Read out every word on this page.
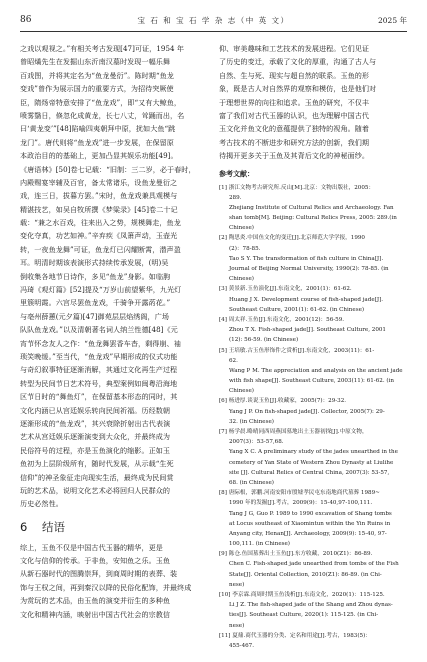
86	宝 石 和 宝 石 学 杂 志（中 英 文）	2025 年
之戏以观视之。”有相关考古发现[47]可证，1954 年
曾昭燏先生在发掘山东沂南汉墓时发现一幅乐舞
百戏图，并将其定名为“鱼龙曼衍”。陈时期“鱼龙
变戏”曾作为展示国力的重要方式，为招待突厥使
臣，隋炀帝特意安排了“鱼龙戏”，即“又有大鲸鱼，
喷雾翳日，倏忽化成黄龙，长七八丈，耸踊而出，名
曰‘黄龙变’”[48]陷喻四夷朝拜中原，扰如大鱼“跳
龙门”。唐代则将“鱼龙戏”进一步发展，在保留原
本政治目的的基础上，更加凸显其娱乐功能[49]。
《唐语林》[50]卷七记载：“旧制：三二岁，必于春时，
内殿赐宴宰辅及百官，备太常诸乐，设鱼龙曼衍之
戏，连三日，拔暮方罢。”宋时，鱼龙戏兼具观模与
精湛技艺，如吴自牧所撰《梦粱录》[45]卷二十记
载：“兼之水百戏，往来出入之势，规模舞走，鱼龙
变化夺真，功艺如神。”辛弃疾《凤箫声动，玉壶光
转，一夜鱼龙舞”可证，鱼龙灯已闪耀断霄，潜声盈
耳。明清时期该表演形式持续传承发展，(明)吴
倒收集各地节日诗作，多见“鱼龙”身影。如临朐
冯琦《观灯篇》[52]提及“万岁山前望紫华，九光灯
里簇明霞。六宫尽罢鱼龙戏，千骑争开露菂花。”
与亳州薛蕙(元夕篇)[47]御苑层层焰绣阁，广场
队队鱼龙戏。”以及清朝著名词人纳兰性德[48]《元
宵节怀念友人之作：“鱼龙舞罢香车杳，剩得崩、袖
琐笑晚缓。”至当代，“鱼龙戏”早期形成的仪式功能
与奇幻叙事特征逐渐消解，其通过文化再生产过程
转型为民间节日艺术符号，典型案例如闽粤沿海地
区节日时的“舞鱼灯”，在保留基本形态的同时，其
文化内涵已从宫廷娱乐转向民间祈福。历经数朝
逐渐形成的“鱼龙戏”，其兴衰除折射出古代表演
艺术从宫廷娱乐逐渐演变到大众化，并最终成为
民俗符号的过程，亦是玉鱼演化的缩影。正如玉
鱼初为上层阶级所有，随时代发展，从示载“生死
信仰”的神圣象征走向现实生活，最终成为民间赏
玩的艺术品，说明文化艺术必将回归人民群众的
历史必然性。
6 结语
综上，玉鱼不仅是中国古代玉器的精华，更是
文化与信仰的传承。于非鱼，安知鱼之乐。玉鱼
从新石器时代的图腾崇拜，到商周时期的表葬、装
饰与王权之间，再到秦汉以降的民俗化配饰，并最终成
为赏玩的艺术品，由玉鱼的演变并衍生的多种鱼
文化和精神内涵，映射出中国古代社会的宗教信
仰、审美趣味和工艺技术的发展进程。它们见证
了历史的变迁，承载了文化的厚重，沟通了古人与
自然、生与死、现实与超自然的联系。玉鱼的形
象，既是古人对自然界的观察和模仿，也是他们对
于理想世界的向往和追求。玉鱼的研究，不仅丰
富了我们对古代玉器的认识，也为理解中国古代
玉文化并鱼文化的意蕴提供了独特的视角。随着
考古技术的不断进步和研究方法的创新，我们期
待揭开更多关于玉鱼及其背后文化的神秘面纱。
参考文献：
[1] 浙江文物考古研究所.反山[M].北京：文物出版社，2005：
289.
Zhejiang Institute of Cultural Relics and Archaeology. Fan
shan tomb[M]. Beijing: Cultural Relics Press, 2005: 289.(in
Chinese)
[2] 陶思炎.中国鱼文化的变迁[J].北京师范大学学报，1990
(2)：78-85.
Tao S Y. The transformation of fish culture in China[J].
Journal of Beijing Normal University, 1990(2): 78-85. (in
Chinese)
[3] 黄景新.玉鱼演化[J].东南文化，2001(1)：61-62.
Huang J X. Development course of fish-shaped jade[J].
Southeast Culture, 2001(1): 61-62. (in Chinese)
[4] 周太祥.玉鱼[J].东南文化，2001(12)：56-59.
Zhou T X. Fish-shaped jade[J]. Southeast Culture, 2001
(12): 56-59. (in Chinese)
[5] 王培敏.古玉鱼形饰件之赏析[J].东南文化，2003(11)：61-
62.
Wang P M. The appreciation and analysis on the ancient jade
with fish shape[J]. Southeast Culture, 2003(11): 61-62. (in
Chinese)
[6] 杨进厚.谈说玉鱼[J].收藏家，2005(7)：29-32.
Yang J P. On fish-shaped jade[J]. Collector, 2005(7): 29-
32. (in Chinese)
[7] 杨学晨.略晴同西周燕国墓地出土玉器初探[J].中原文物，
2007(3)：53-57,68.
Yang X C. A preliminary study of the jades unearthed in the
cemetery of Yan State of Western Zhou Dynasty at Liulihe
site [J]. Cultural Relics of Central China, 2007(3): 53-57,
68. (in Chinese)
[8] 唐际根，郭鹏.河南安阳市殷墟孝民屯东南地商代墓葬 1989~
1990 年的发掘[J].考古，2009(9)：15-40,97-100,111.
Tang J G, Guo P. 1989 to 1990 excavation of Shang tombs
at Locus southeast of Xiaomintun within the Yin Ruins in
Anyang city, Henan[J]. Archaeology, 2009(9): 15-40, 97-
100,111. (in Chinese)
[9] 陈仓.鱼国墓葬出土玉鱼[J].东方收藏，2010(Z1)：86-89.
Chen C. Fish-shaped jade unearthed from tombs of the Fish
State[J]. Oriental Collection, 2010(Z1): 86-89. (in Chi-
nese)
[10] 李京霖.商周时期玉鱼浅析[J].东南文化，2020(1)：115-125.
Li J Z. The fish-shaped jade of the Shang and Zhou dynas-
ties[J]. Southeast Culture, 2020(1): 115-125. (in Chi-
nese)
[11] 夏鼐.商代玉器的分类、定名和用途[J].考古，1983(5)：
455-467.
